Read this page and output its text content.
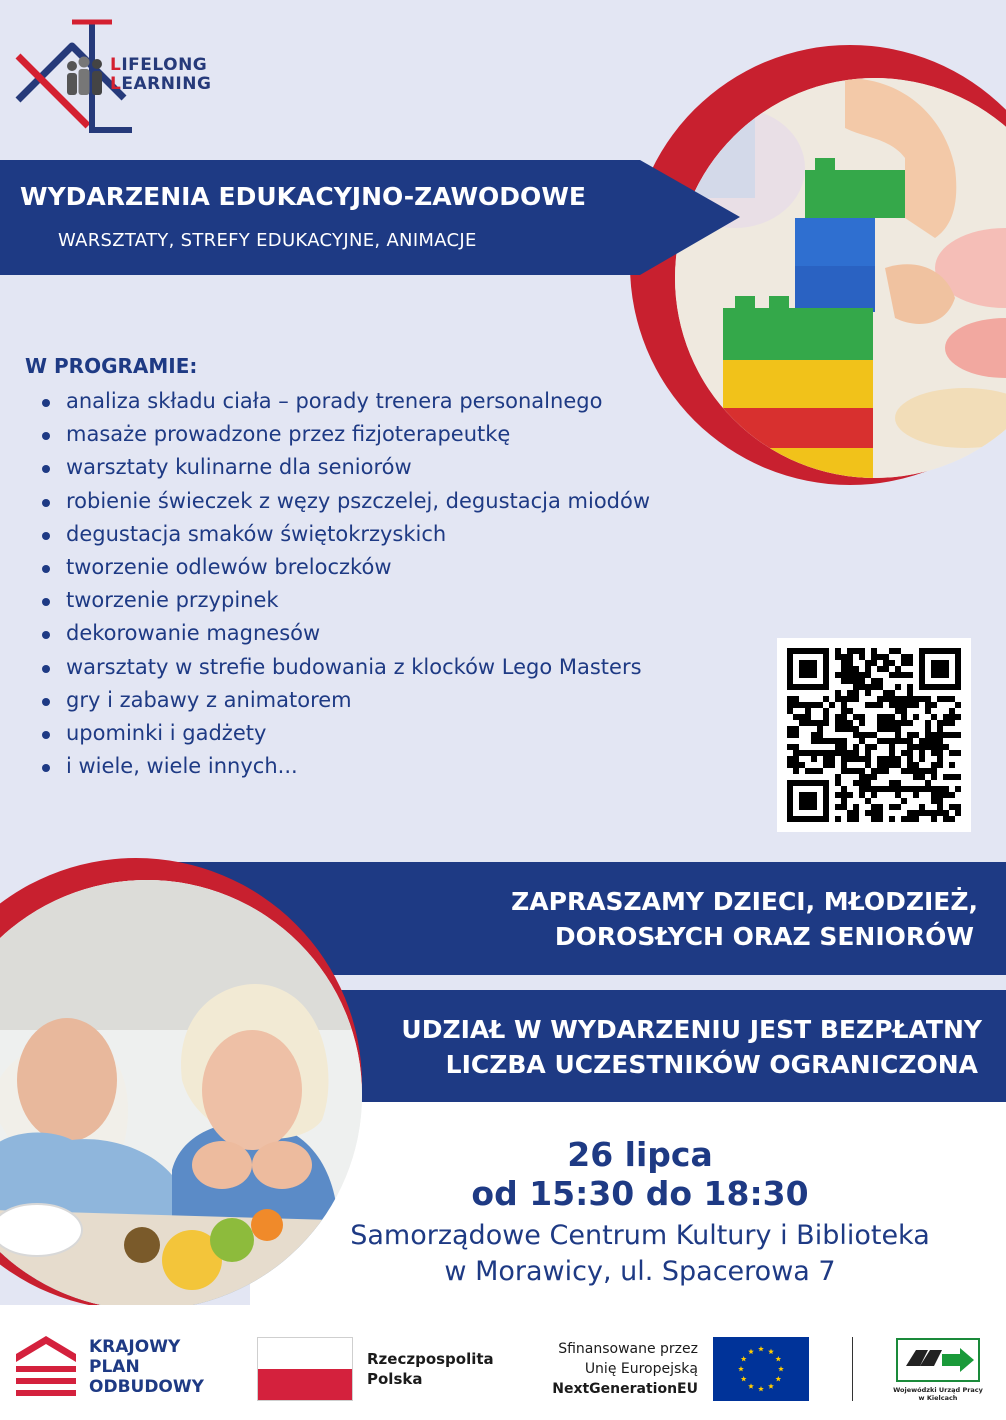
LIFELONG
LEARNING
WYDARZENIA EDUKACYJNO-ZAWODOWE
WARSZTATY, STREFY EDUKACYJNE, ANIMACJE
W PROGRAMIE:
analiza składu ciała – porady trenera personalnego
masaże prowadzone przez fizjoterapeutkę
warsztaty kulinarne dla seniorów
robienie świeczek z węzy pszczelej, degustacja miodów
degustacja smaków świętokrzyskich
tworzenie odlewów breloczków
tworzenie przypinek
dekorowanie magnesów
warsztaty w strefie budowania z klocków Lego Masters
gry i zabawy z animatorem
upominki i gadżety
i wiele, wiele innych...
ZAPRASZAMY DZIECI, MŁODZIEŻ,
DOROSŁYCH ORAZ SENIORÓW
UDZIAŁ W WYDARZENIU JEST BEZPŁATNY
LICZBA UCZESTNIKÓW OGRANICZONA
26 lipca
od 15:30 do 18:30
Samorządowe Centrum Kultury i Biblioteka
w Morawicy, ul. Spacerowa 7
KRAJOWY
PLAN
ODBUDOWY
Rzeczpospolita
Polska
Sfinansowane przez
Unię Europejską
NextGenerationEU	Wojewódzki Urząd Pracy
w Kielcach
